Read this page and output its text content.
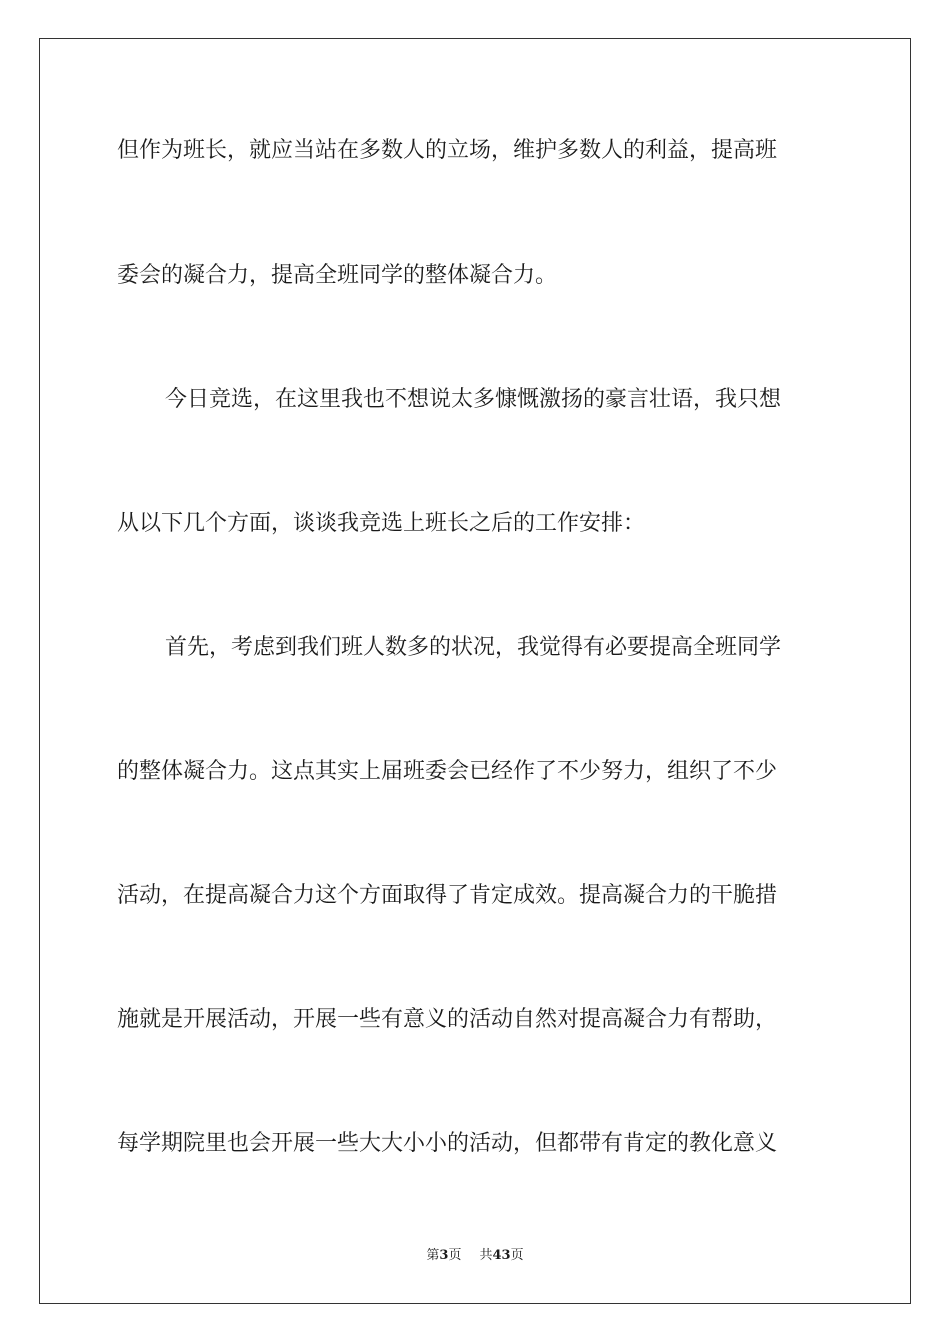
但作为班长，就应当站在多数人的立场，维护多数人的利益，提高班
委会的凝合力，提高全班同学的整体凝合力。
今日竞选，在这里我也不想说太多慷慨激扬的豪言壮语，我只想
从以下几个方面，谈谈我竞选上班长之后的工作安排：
首先，考虑到我们班人数多的状况，我觉得有必要提高全班同学
的整体凝合力。这点其实上届班委会已经作了不少努力，组织了不少
活动，在提高凝合力这个方面取得了肯定成效。提高凝合力的干脆措
施就是开展活动，开展一些有意义的活动自然对提高凝合力有帮助，
每学期院里也会开展一些大大小小的活动，但都带有肯定的教化意义
第3页 共43页
